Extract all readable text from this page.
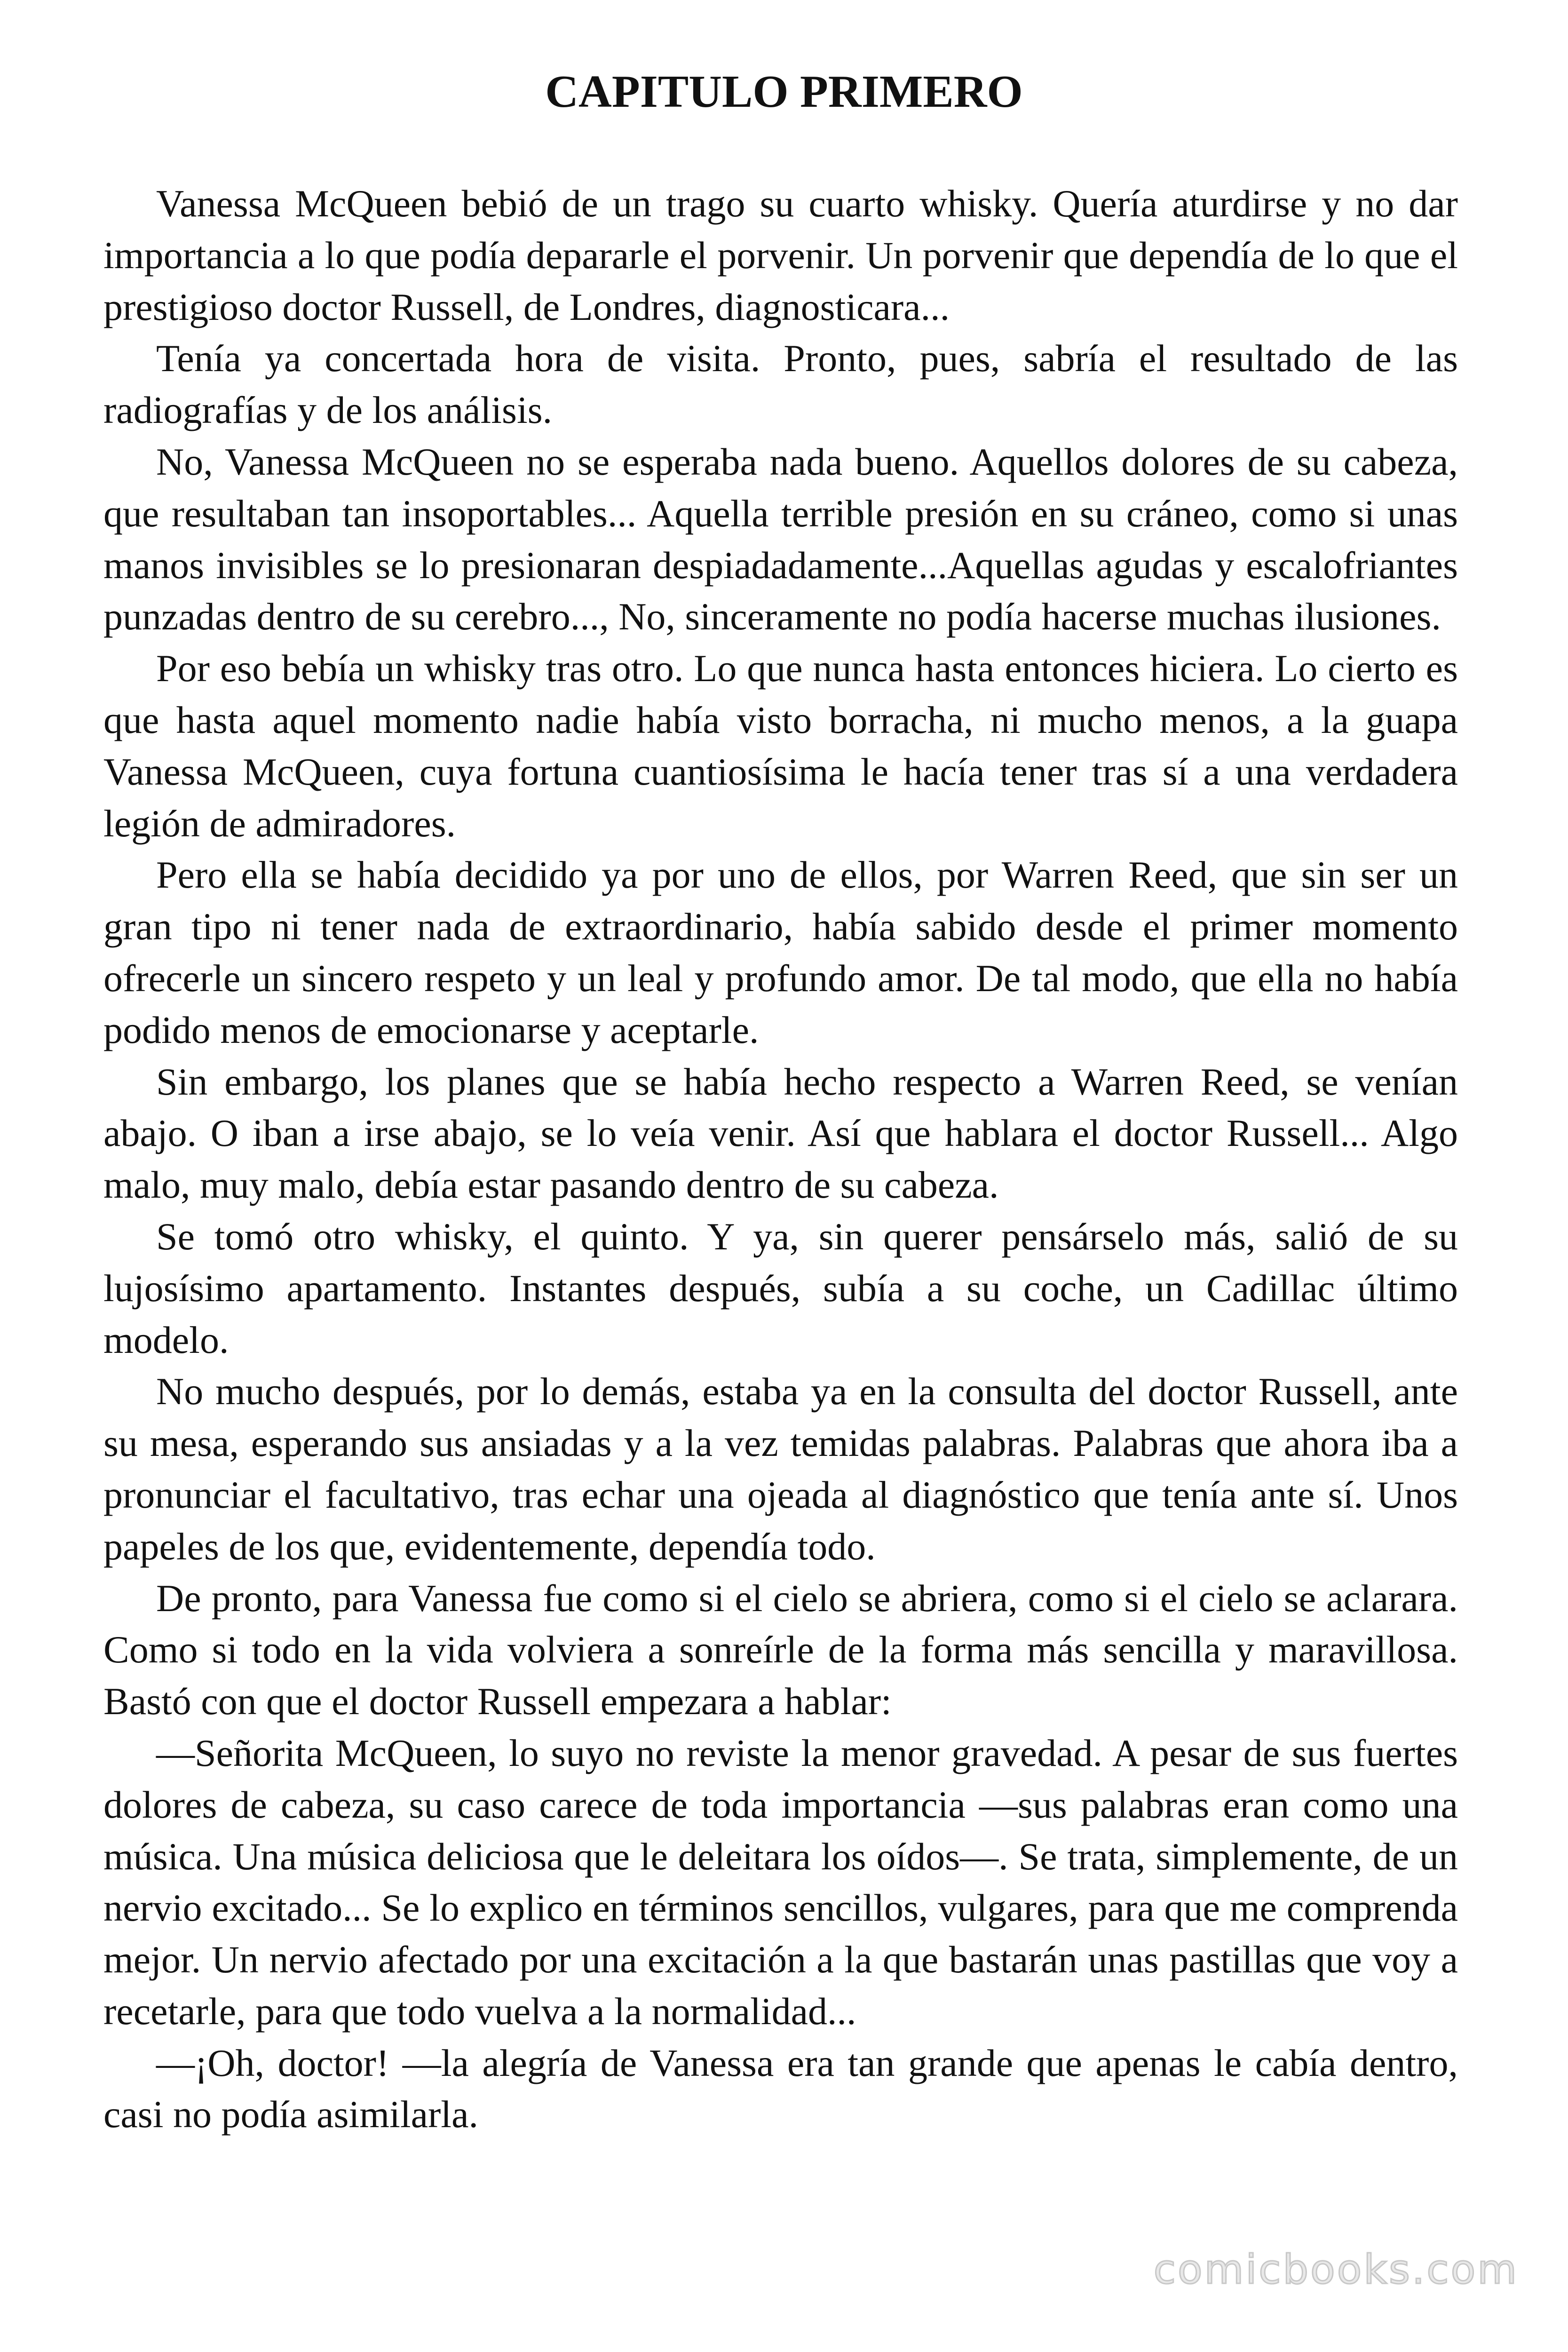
CAPITULO PRIMERO

Vanessa McQueen bebió de un trago su cuarto whisky. Quería aturdirse y no dar importancia a lo que podía depararle el porvenir. Un porvenir que dependía de lo que el prestigioso doctor Russell, de Londres, diagnosticara...

Tenía ya concertada hora de visita. Pronto, pues, sabría el resultado de las radiografías y de los análisis.

No, Vanessa McQueen no se esperaba nada bueno. Aquellos dolores de su cabeza, que resultaban tan insoportables... Aquella terrible presión en su cráneo, como si unas manos invisibles se lo presionaran despiadadamente...Aquellas agudas y escalofriantes punzadas dentro de su cerebro..., No, sinceramente no podía hacerse muchas ilusiones.

Por eso bebía un whisky tras otro. Lo que nunca hasta entonces hiciera. Lo cierto es que hasta aquel momento nadie había visto borracha, ni mucho menos, a la guapa Vanessa McQueen, cuya fortuna cuantiosísima le hacía tener tras sí a una verdadera legión de admiradores.

Pero ella se había decidido ya por uno de ellos, por Warren Reed, que sin ser un gran tipo ni tener nada de extraordinario, había sabido desde el primer momento ofrecerle un sincero respeto y un leal y profundo amor. De tal modo, que ella no había podido menos de emocionarse y aceptarle.

Sin embargo, los planes que se había hecho respecto a Warren Reed, se venían abajo. O iban a irse abajo, se lo veía venir. Así que hablara el doctor Russell... Algo malo, muy malo, debía estar pasando dentro de su cabeza.

Se tomó otro whisky, el quinto. Y ya, sin querer pensárselo más, salió de su lujosísimo apartamento. Instantes después, subía a su coche, un Cadillac último modelo.

No mucho después, por lo demás, estaba ya en la consulta del doctor Russell, ante su mesa, esperando sus ansiadas y a la vez temidas palabras. Palabras que ahora iba a pronunciar el facultativo, tras echar una ojeada al diagnóstico que tenía ante sí. Unos papeles de los que, evidentemente, dependía todo.

De pronto, para Vanessa fue como si el cielo se abriera, como si el cielo se aclarara. Como si todo en la vida volviera a sonreírle de la forma más sencilla y maravillosa. Bastó con que el doctor Russell empezara a hablar:

—Señorita McQueen, lo suyo no reviste la menor gravedad. A pesar de sus fuertes dolores de cabeza, su caso carece de toda importancia —sus palabras eran como una música. Una música deliciosa que le deleitara los oídos—. Se trata, simplemente, de un nervio excitado... Se lo explico en términos sencillos, vulgares, para que me comprenda mejor. Un nervio afectado por una excitación a la que bastarán unas pastillas que voy a recetarle, para que todo vuelva a la normalidad...

—¡Oh, doctor! —la alegría de Vanessa era tan grande que apenas le cabía dentro, casi no podía asimilarla.

comicbooks.com
